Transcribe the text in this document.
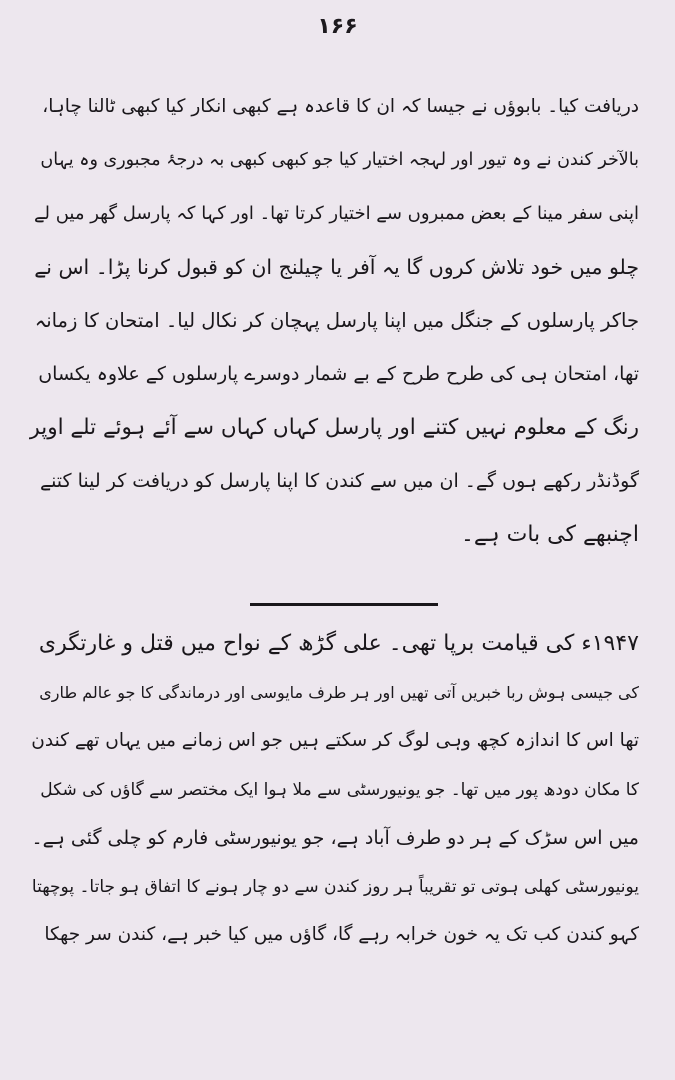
۱۶۶
دریافت کیا۔ بابوؤں نے جیسا کہ ان کا قاعدہ ہے کبھی انکار کیا کبھی ٹالنا چاہا،
بالآخر کندن نے وہ تیور اور لہجہ اختیار کیا جو کبھی کبھی بہ درجۂ مجبوری وہ یہاں
اپنی سفر مینا کے بعض ممبروں سے اختیار کرتا تھا۔ اور کہا کہ پارسل گھر میں لے
چلو میں خود تلاش کروں گا یہ آفر یا چیلنج ان کو قبول کرنا پڑا۔ اس نے
جاکر پارسلوں کے جنگل میں اپنا پارسل پہچان کر نکال لیا۔ امتحان کا زمانہ
تھا، امتحان ہی کی طرح طرح کے بے شمار دوسرے پارسلوں کے علاوہ یکساں
رنگ کے معلوم نہیں کتنے اور پارسل کہاں کہاں سے آئے ہوئے تلے اوپر
گوڈنڈر رکھے ہوں گے۔ ان میں سے کندن کا اپنا پارسل کو دریافت کر لینا کتنے
اچنبھے کی بات ہے۔
۱۹۴۷ء کی قیامت برپا تھی۔ علی گڑھ کے نواح میں قتل و غارتگری
کی جیسی ہوش ربا خبریں آتی تھیں اور ہر طرف مایوسی اور درماندگی کا جو عالم طاری
تھا اس کا اندازہ کچھ وہی لوگ کر سکتے ہیں جو اس زمانے میں یہاں تھے کندن
کا مکان دودھ پور میں تھا۔ جو یونیورسٹی سے ملا ہوا ایک مختصر سے گاؤں کی شکل
میں اس سڑک کے ہر دو طرف آباد ہے، جو یونیورسٹی فارم کو چلی گئی ہے۔
یونیورسٹی کھلی ہوتی تو تقریباً ہر روز کندن سے دو چار ہونے کا اتفاق ہو جاتا۔ پوچھتا
کہو کندن کب تک یہ خون خرابہ رہے گا، گاؤں میں کیا خبر ہے، کندن سر جھکا
